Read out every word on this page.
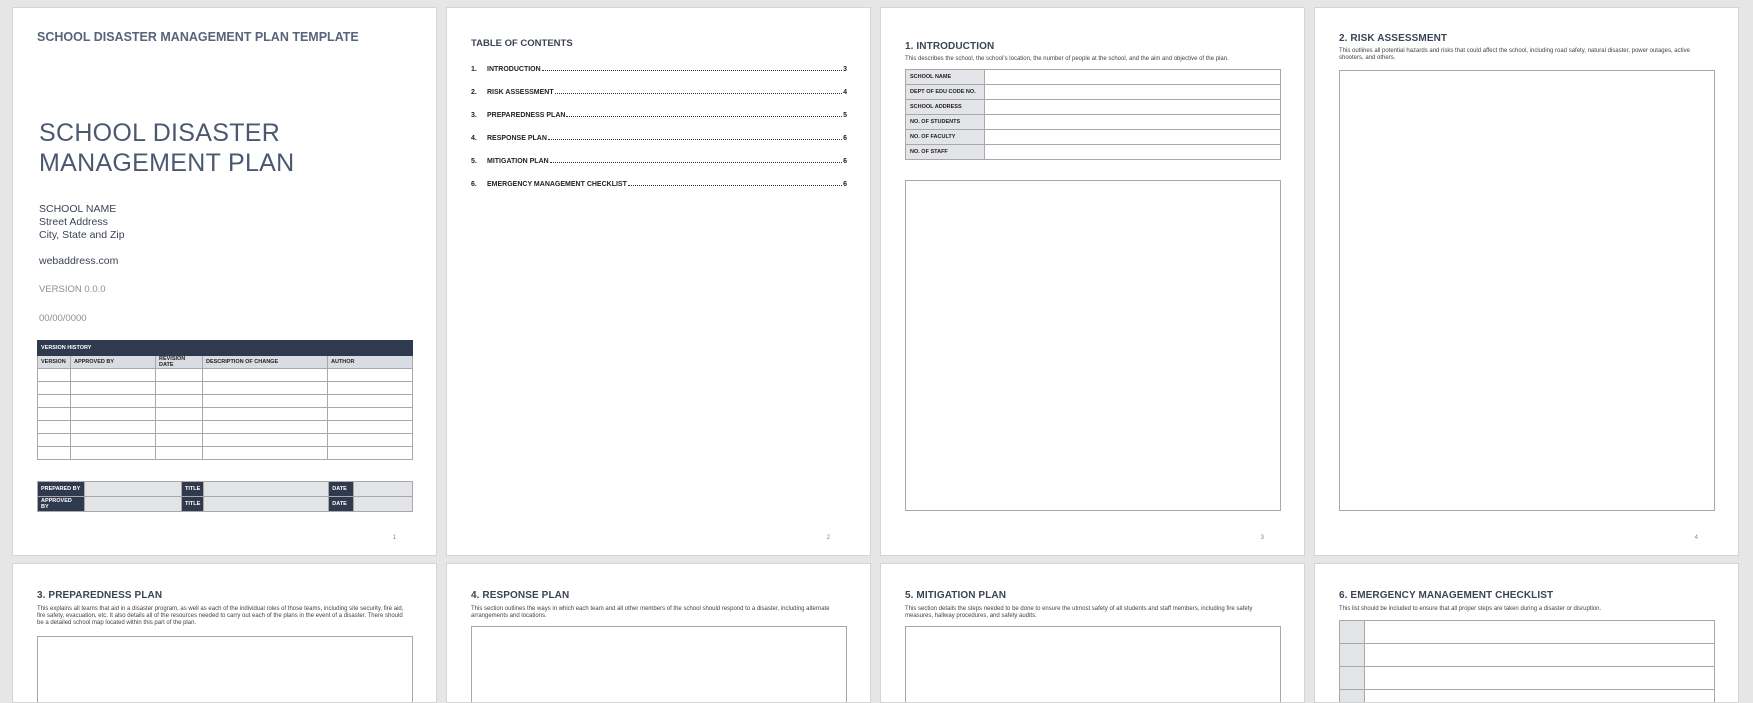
SCHOOL DISASTER MANAGEMENT PLAN TEMPLATE
SCHOOL DISASTER
MANAGEMENT PLAN
SCHOOL NAME
Street Address
City, State and Zip
webaddress.com
VERSION 0.0.0
00/00/0000
VERSION HISTORY				
VERSION	APPROVED BY	REVISION DATE	DESCRIPTION OF CHANGE	AUTHOR

PREPARED BY		TITLE		DATE	
APPROVED BY		TITLE		DATE	
1
TABLE OF CONTENTS
1.	INTRODUCTION	3
2.	RISK ASSESSMENT	4
3.	PREPAREDNESS PLAN	5
4.	RESPONSE PLAN	6
5.	MITIGATION PLAN	6
6.	EMERGENCY MANAGEMENT CHECKLIST	6
2
1. INTRODUCTION
This describes the school, the school’s location, the number of people at the school, and the aim and objective of the plan.
SCHOOL NAME	
DEPT OF EDU CODE NO.	
SCHOOL ADDRESS	
NO. OF STUDENTS	
NO. OF FACULTY	
NO. OF STAFF	
3
2. RISK ASSESSMENT
This outlines all potential hazards and risks that could affect the school, including road safety, natural disaster, power outages, active shooters, and others.
4
3. PREPAREDNESS PLAN
This explains all teams that aid in a disaster program, as well as each of the individual roles of those teams, including site security, fire aid, fire safety, evacuation, etc. It also details all of the resources needed to carry out each of the plans in the event of a disaster. There should be a detailed school map located within this part of the plan.
4. RESPONSE PLAN
This section outlines the ways in which each team and all other members of the school should respond to a disaster, including alternate arrangements and locations.
5. MITIGATION PLAN
This section details the steps needed to be done to ensure the utmost safety of all students and staff members, including fire safety measures, hallway procedures, and safety audits.
6. EMERGENCY MANAGEMENT CHECKLIST
This list should be included to ensure that all proper steps are taken during a disaster or disruption.
